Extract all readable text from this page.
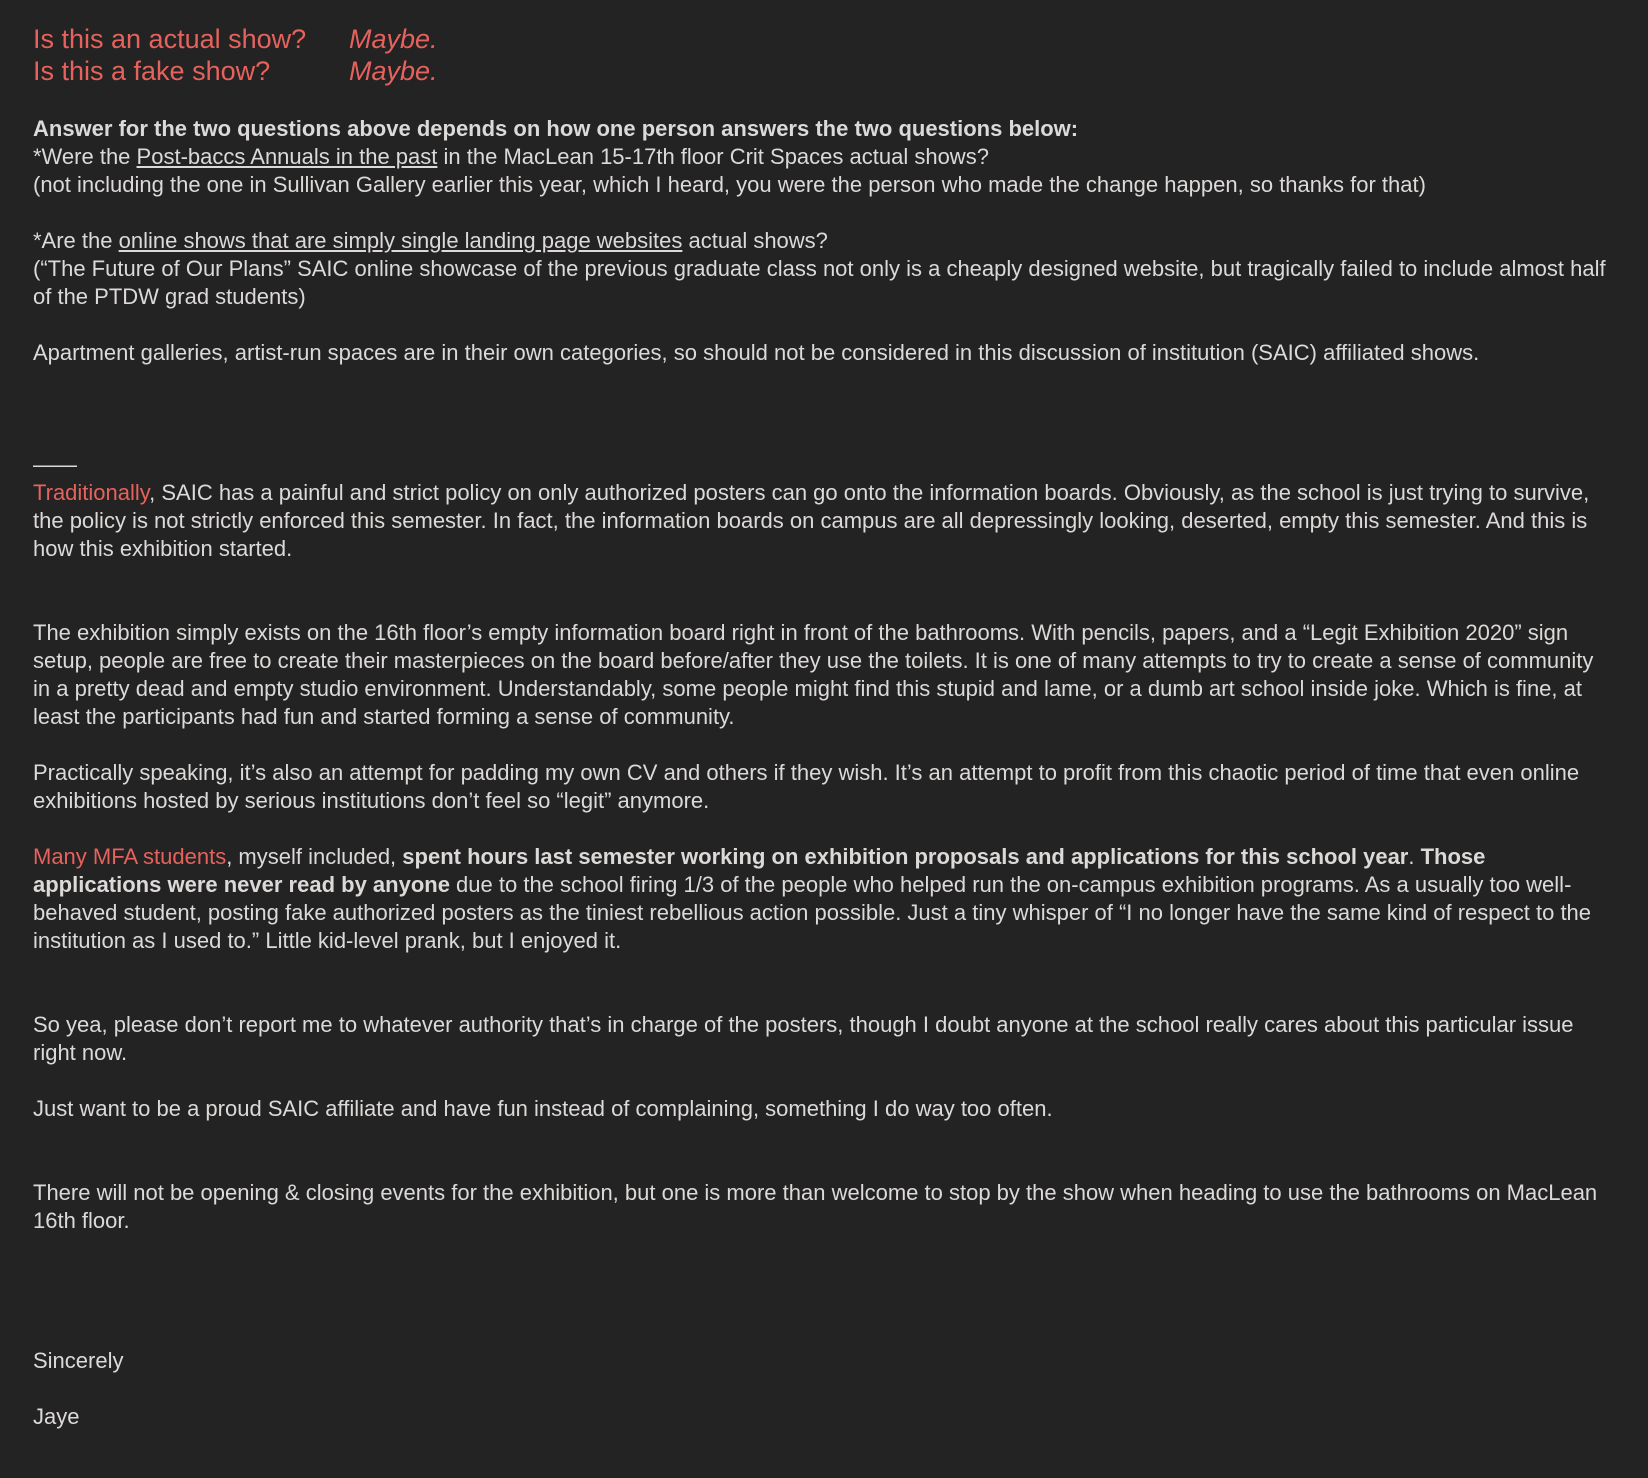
Is this an actual show?	Maybe.
Is this a fake show?	Maybe.

Answer for the two questions above depends on how one person answers the two questions below:

*Were the Post-baccs Annuals in the past in the MacLean 15-17th floor Crit Spaces actual shows?

(not including the one in Sullivan Gallery earlier this year, which I heard, you were the person who made the change happen, so thanks for that)

*Are the online shows that are simply single landing page websites actual shows?

(“The Future of Our Plans” SAIC online showcase of the previous graduate class not only is a cheaply designed website, but tragically failed to include almost half of the PTDW grad students)

Apartment galleries, artist-run spaces are in their own categories, so should not be considered in this discussion of institution (SAIC) affiliated shows.

——

Traditionally, SAIC has a painful and strict policy on only authorized posters can go onto the information boards. Obviously, as the school is just trying to survive, the policy is not strictly enforced this semester. In fact, the information boards on campus are all depressingly looking, deserted, empty this semester. And this is how this exhibition started.

The exhibition simply exists on the 16th floor’s empty information board right in front of the bathrooms. With pencils, papers, and a “Legit Exhibition 2020” sign setup, people are free to create their masterpieces on the board before/after they use the toilets. It is one of many attempts to try to create a sense of community in a pretty dead and empty studio environment. Understandably, some people might find this stupid and lame, or a dumb art school inside joke. Which is fine, at least the participants had fun and started forming a sense of community.

Practically speaking, it’s also an attempt for padding my own CV and others if they wish. It’s an attempt to profit from this chaotic period of time that even online exhibitions hosted by serious institutions don’t feel so “legit” anymore.

Many MFA students, myself included, spent hours last semester working on exhibition proposals and applications for this school year. Those applications were never read by anyone due to the school firing 1/3 of the people who helped run the on-campus exhibition programs. As a usually too well-behaved student, posting fake authorized posters as the tiniest rebellious action possible. Just a tiny whisper of “I no longer have the same kind of respect to the institution as I used to.” Little kid-level prank, but I enjoyed it.

So yea, please don’t report me to whatever authority that’s in charge of the posters, though I doubt anyone at the school really cares about this particular issue right now.

Just want to be a proud SAIC affiliate and have fun instead of complaining, something I do way too often.

There will not be opening & closing events for the exhibition, but one is more than welcome to stop by the show when heading to use the bathrooms on MacLean 16th floor.

Sincerely

Jaye
